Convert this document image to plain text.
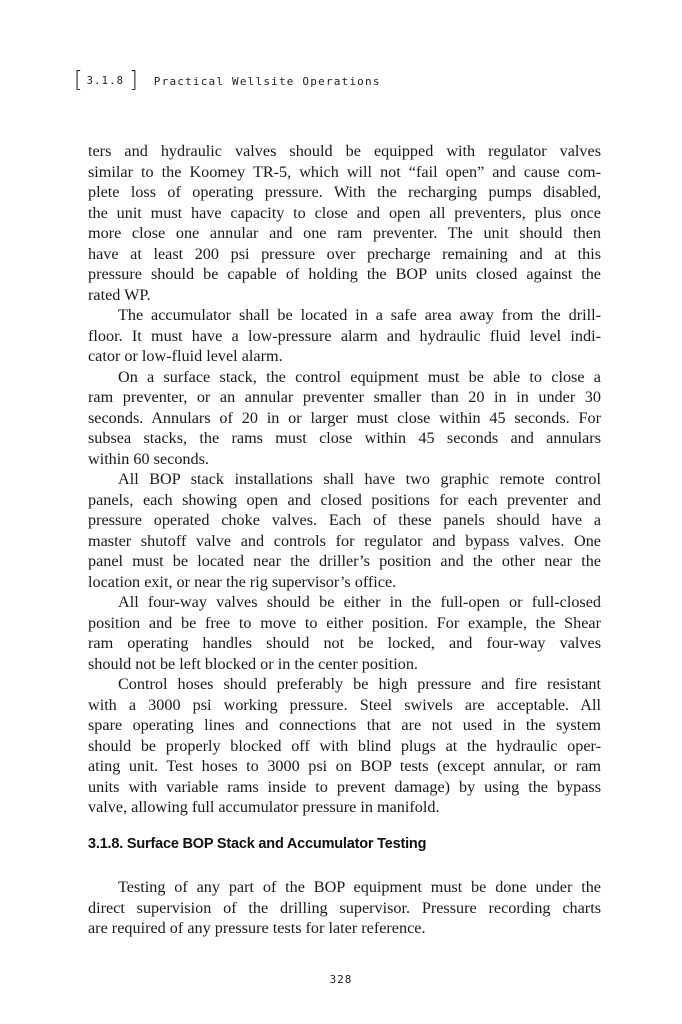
[ 3.1.8 ] Practical Wellsite Operations
ters and hydraulic valves should be equipped with regulator valves
similar to the Koomey TR-5, which will not “fail open” and cause com-
plete loss of operating pressure. With the recharging pumps disabled,
the unit must have capacity to close and open all preventers, plus once
more close one annular and one ram preventer. The unit should then
have at least 200 psi pressure over precharge remaining and at this
pressure should be capable of holding the BOP units closed against the
rated WP.
The accumulator shall be located in a safe area away from the drill-
floor. It must have a low-pressure alarm and hydraulic fluid level indi-
cator or low-fluid level alarm.
On a surface stack, the control equipment must be able to close a
ram preventer, or an annular preventer smaller than 20 in in under 30
seconds. Annulars of 20 in or larger must close within 45 seconds. For
subsea stacks, the rams must close within 45 seconds and annulars
within 60 seconds.
All BOP stack installations shall have two graphic remote control
panels, each showing open and closed positions for each preventer and
pressure operated choke valves. Each of these panels should have a
master shutoff valve and controls for regulator and bypass valves. One
panel must be located near the driller’s position and the other near the
location exit, or near the rig supervisor’s office.
All four-way valves should be either in the full-open or full-closed
position and be free to move to either position. For example, the Shear
ram operating handles should not be locked, and four-way valves
should not be left blocked or in the center position.
Control hoses should preferably be high pressure and fire resistant
with a 3000 psi working pressure. Steel swivels are acceptable. All
spare operating lines and connections that are not used in the system
should be properly blocked off with blind plugs at the hydraulic oper-
ating unit. Test hoses to 3000 psi on BOP tests (except annular, or ram
units with variable rams inside to prevent damage) by using the bypass
valve, allowing full accumulator pressure in manifold.
3.1.8. Surface BOP Stack and Accumulator Testing
Testing of any part of the BOP equipment must be done under the
direct supervision of the drilling supervisor. Pressure recording charts
are required of any pressure tests for later reference.
328
